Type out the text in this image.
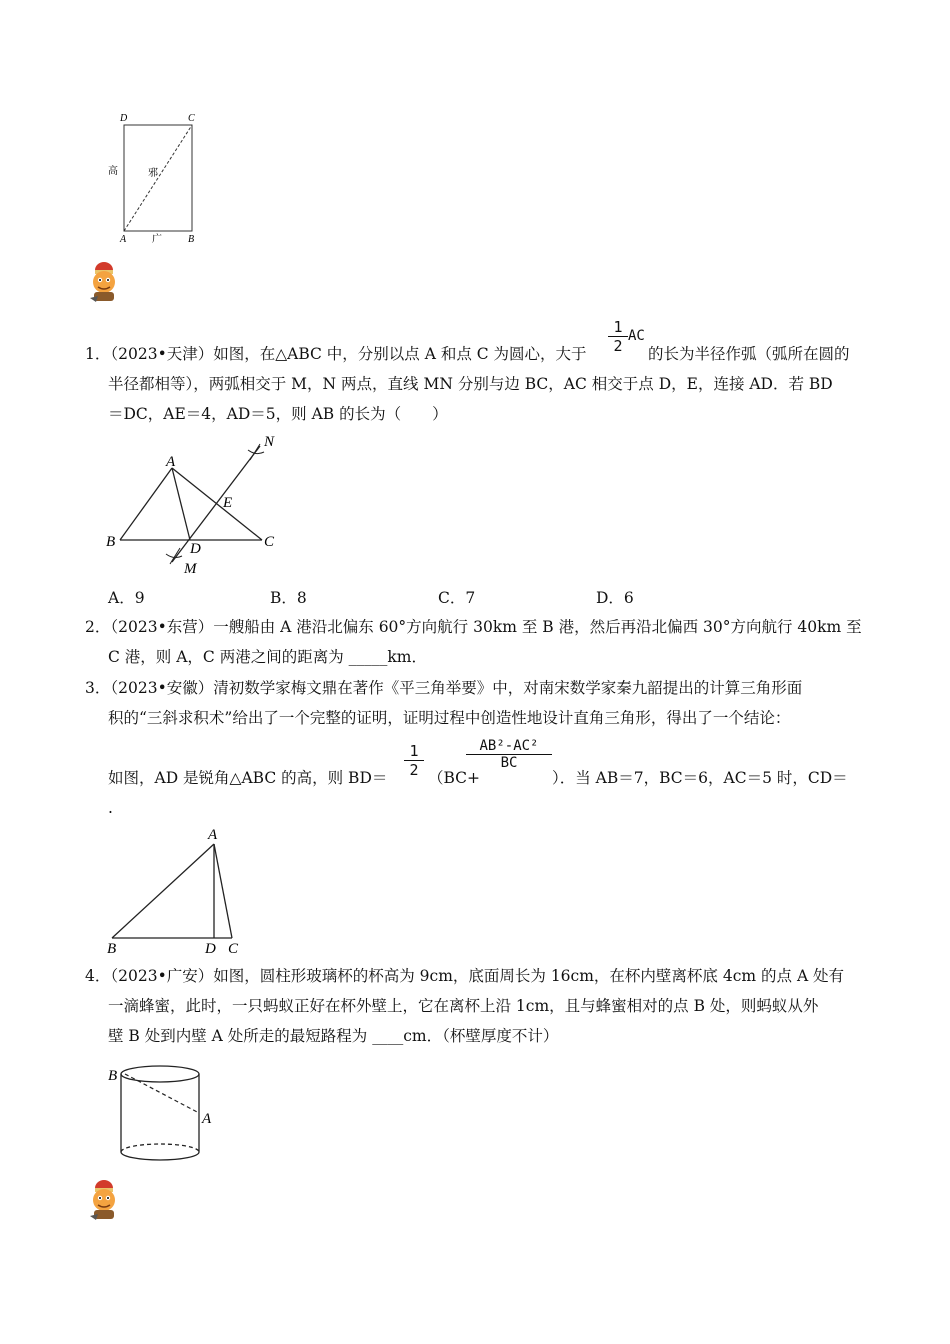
D	C
A	B
高	邪
广
1．（2023•天津）如图，在△ABC 中，分别以点 A 和点 C 为圆心，大于 $\frac{1}{2}$ AC
的长为半径作弧（弧所在圆的
半径都相等），两弧相交于 M，N 两点，直线 MN 分别与边 BC，AC 相交于点 D，E，连接 AD．若 BD
＝DC，AE＝4，AD＝5，则 AB 的长为（　　）
A
B	C
D
E
M
N
A．9	B．8	C．7	D．6
2．（2023•东营）一艘船由 A 港沿北偏东 60°方向航行 30km 至 B 港，然后再沿北偏西 30°方向航行 40km 至
C 港，则 A，C 两港之间的距离为 _____km．
3．（2023•安徽）清初数学家梅文鼎在著作《平三角举要》中，对南宋数学家秦九韶提出的计算三角形面
积的“三斜求积术”给出了一个完整的证明，证明过程中创造性地设计直角三角形，得出了一个结论：
如图，AD 是锐角△ABC 的高，则 $BD= \frac{1}{2} (BC+$
$\frac{\text{AB²-AC²}}{BC}$
）．当 AB＝7，BC＝6，AC＝5 时，CD＝
.
A
B	D C
4．（2023•广安）如图，圆柱形玻璃杯的杯高为 9cm，底面周长为 16cm，在杯内壁离杯底 4cm 的点 A 处有
一滴蜂蜜，此时，一只蚂蚁正好在杯外壁上，它在离杯上沿 1cm，且与蜂蜜相对的点 B 处，则蚂蚁从外
壁 B 处到内壁 A 处所走的最短路程为 ____cm．（杯壁厚度不计）
B
A
